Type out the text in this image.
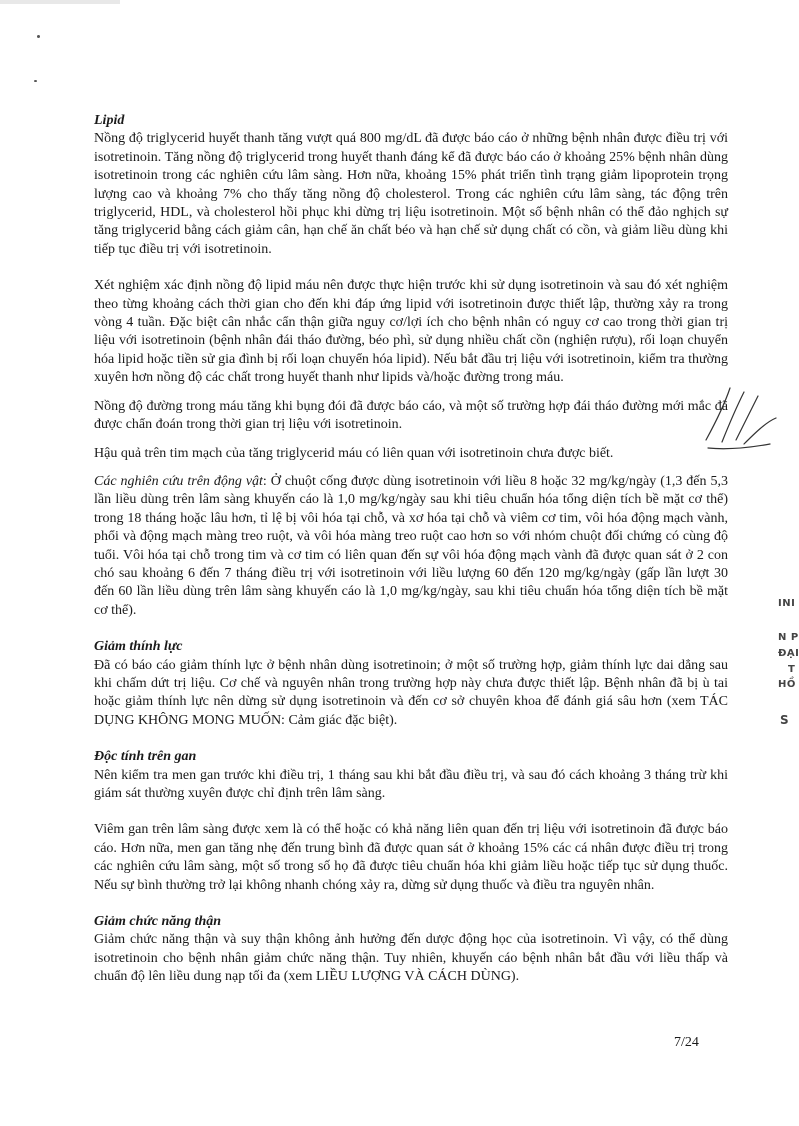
Lipid

Nồng độ triglycerid huyết thanh tăng vượt quá 800 mg/dL đã được báo cáo ở những bệnh nhân được điều trị với isotretinoin. Tăng nồng độ triglycerid trong huyết thanh đáng kể đã được báo cáo ở khoảng 25% bệnh nhân dùng isotretinoin trong các nghiên cứu lâm sàng. Hơn nữa, khoảng 15% phát triển tình trạng giảm lipoprotein trọng lượng cao và khoảng 7% cho thấy tăng nồng độ cholesterol. Trong các nghiên cứu lâm sàng, tác động trên triglycerid, HDL, và cholesterol hồi phục khi dừng trị liệu isotretinoin. Một số bệnh nhân có thể đảo nghịch sự tăng triglycerid bằng cách giảm cân, hạn chế ăn chất béo và hạn chế sử dụng chất có cồn, và giảm liều dùng khi tiếp tục điều trị với isotretinoin.

Xét nghiệm xác định nồng độ lipid máu nên được thực hiện trước khi sử dụng isotretinoin và sau đó xét nghiệm theo từng khoảng cách thời gian cho đến khi đáp ứng lipid với isotretinoin được thiết lập, thường xảy ra trong vòng 4 tuần. Đặc biệt cân nhắc cẩn thận giữa nguy cơ/lợi ích cho bệnh nhân có nguy cơ cao trong thời gian trị liệu với isotretinoin (bệnh nhân đái tháo đường, béo phì, sử dụng nhiều chất cồn (nghiện rượu), rối loạn chuyển hóa lipid hoặc tiền sử gia đình bị rối loạn chuyển hóa lipid). Nếu bắt đầu trị liệu với isotretinoin, kiểm tra thường xuyên hơn nồng độ các chất trong huyết thanh như lipids và/hoặc đường trong máu.

Nồng độ đường trong máu tăng khi bụng đói đã được báo cáo, và một số trường hợp đái tháo đường mới mắc đã được chẩn đoán trong thời gian trị liệu với isotretinoin.

Hậu quả trên tim mạch của tăng triglycerid máu có liên quan với isotretinoin chưa được biết.

Các nghiên cứu trên động vật: Ở chuột cống được dùng isotretinoin với liều 8 hoặc 32 mg/kg/ngày (1,3 đến 5,3 lần liều dùng trên lâm sàng khuyến cáo là 1,0 mg/kg/ngày sau khi tiêu chuẩn hóa tổng diện tích bề mặt cơ thể) trong 18 tháng hoặc lâu hơn, tỉ lệ bị vôi hóa tại chỗ, và xơ hóa tại chỗ và viêm cơ tim, vôi hóa động mạch vành, phổi và động mạch màng treo ruột, và vôi hóa màng treo ruột cao hơn so với nhóm chuột đối chứng có cùng độ tuổi. Vôi hóa tại chỗ trong tim và cơ tim có liên quan đến sự vôi hóa động mạch vành đã được quan sát ở 2 con chó sau khoảng 6 đến 7 tháng điều trị với isotretinoin với liều lượng 60 đến 120 mg/kg/ngày (gấp lần lượt 30 đến 60 lần liều dùng trên lâm sàng khuyến cáo là 1,0 mg/kg/ngày, sau khi tiêu chuẩn hóa tổng diện tích bề mặt cơ thể).

Giảm thính lực

Đã có báo cáo giảm thính lực ở bệnh nhân dùng isotretinoin; ở một số trường hợp, giảm thính lực dai dẳng sau khi chấm dứt trị liệu. Cơ chế và nguyên nhân trong trường hợp này chưa được thiết lập. Bệnh nhân đã bị ù tai hoặc giảm thính lực nên dừng sử dụng isotretinoin và đến cơ sở chuyên khoa để đánh giá sâu hơn (xem TÁC DỤNG KHÔNG MONG MUỐN: Cảm giác đặc biệt).

Độc tính trên gan

Nên kiểm tra men gan trước khi điều trị, 1 tháng sau khi bắt đầu điều trị, và sau đó cách khoảng 3 tháng trừ khi giám sát thường xuyên được chỉ định trên lâm sàng.

Viêm gan trên lâm sàng được xem là có thể hoặc có khả năng liên quan đến trị liệu với isotretinoin đã được báo cáo. Hơn nữa, men gan tăng nhẹ đến trung bình đã được quan sát ở khoảng 15% các cá nhân được điều trị trong các nghiên cứu lâm sàng, một số trong số họ đã được tiêu chuẩn hóa khi giảm liều hoặc tiếp tục sử dụng thuốc. Nếu sự bình thường trở lại không nhanh chóng xảy ra, dừng sử dụng thuốc và điều tra nguyên nhân.

Giảm chức năng thận

Giảm chức năng thận và suy thận không ảnh hưởng đến dược động học của isotretinoin. Vì vậy, có thể dùng isotretinoin cho bệnh nhân giảm chức năng thận. Tuy nhiên, khuyến cáo bệnh nhân bắt đầu với liều thấp và chuẩn độ lên liều dung nạp tối đa (xem LIỀU LƯỢNG VÀ CÁCH DÙNG).

7/24
INI
N P
ĐẠI
T
HỒ
S
